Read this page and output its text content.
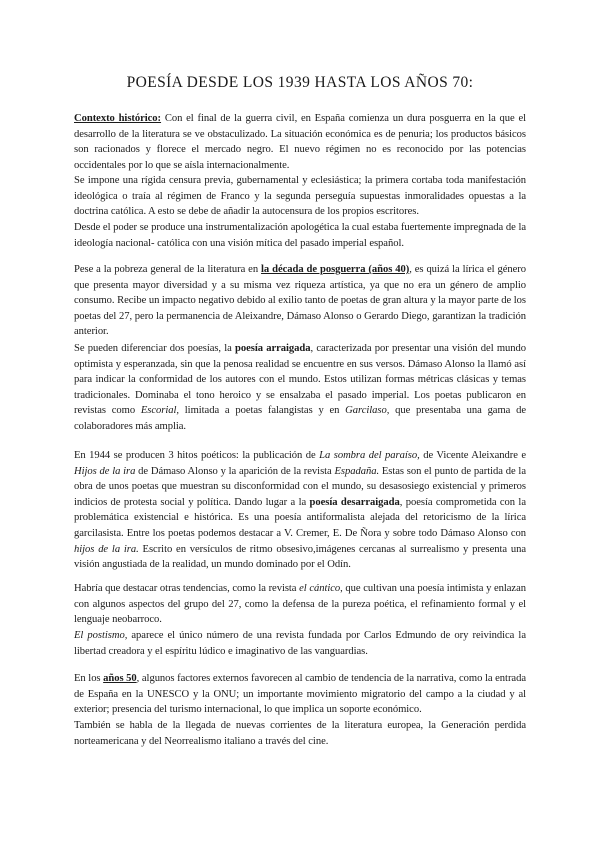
POESÍA DESDE LOS 1939 HASTA LOS AÑOS 70:

Contexto histórico: Con el final de la guerra civil, en España comienza un dura posguerra en la que el desarrollo de la literatura se ve obstaculizado. La situación económica es de penuria; los productos básicos son racionados y florece el mercado negro. El nuevo régimen no es reconocido por las potencias occidentales por lo que se aísla internacionalmente.

Se impone una rígida censura previa, gubernamental y eclesiástica; la primera cortaba toda manifestación ideológica o traía al régimen de Franco y la segunda perseguía supuestas inmoralidades opuestas a la doctrina católica. A esto se debe de añadir la autocensura de los propios escritores.

Desde el poder se produce una instrumentalización apologética la cual estaba fuertemente impregnada de la ideología nacional- católica con una visión mítica del pasado imperial español.

Pese a la pobreza general de la literatura en la década de posguerra (años 40), es quizá la lírica el género que presenta mayor diversidad y a su misma vez riqueza artística, ya que no era un género de amplio consumo. Recibe un impacto negativo debido al exilio tanto de poetas de gran altura y la mayor parte de los poetas del 27, pero la permanencia de Aleixandre, Dámaso Alonso o Gerardo Diego, garantizan la tradición anterior.

Se pueden diferenciar dos poesías, la poesía arraigada, caracterizada por presentar una visión del mundo optimista y esperanzada, sin que la penosa realidad se encuentre en sus versos. Dámaso Alonso la llamó así para indicar la conformidad de los autores con el mundo. Estos utilizan formas métricas clásicas y temas tradicionales. Dominaba el tono heroico y se ensalzaba el pasado imperial. Los poetas publicaron en revistas como Escorial, limitada a poetas falangistas y en Garcilaso, que presentaba una gama de colaboradores más amplia.

En 1944 se producen 3 hitos poéticos: la publicación de La sombra del paraíso, de Vicente Aleixandre e Hijos de la ira de Dámaso Alonso y la aparición de la revista Espadaña. Estas son el punto de partida de la obra de unos poetas que muestran su disconformidad con el mundo, su desasosiego existencial y primeros indicios de protesta social y política. Dando lugar a la poesía desarraigada, poesía comprometida con la problemática existencial e histórica. Es una poesía antiformalista alejada del retoricismo de la lírica garcilasista. Entre los poetas podemos destacar a V. Cremer, E. De Ñora y sobre todo Dámaso Alonso con hijos de la ira. Escrito en versículos de ritmo obsesivo,imágenes cercanas al surrealismo y presenta una visión angustiada de la realidad, un mundo dominado por el Odín.

Habría que destacar otras tendencias, como la revista el cántico, que cultivan una poesía intimista y enlazan con algunos aspectos del grupo del 27, como la defensa de la pureza poética, el refinamiento formal y el lenguaje neobarroco.

El postismo, aparece el único número de una revista fundada por Carlos Edmundo de ory reivindica la libertad creadora y el espíritu lúdico e imaginativo de las vanguardias.

En los años 50, algunos factores externos favorecen al cambio de tendencia de la narrativa, como la entrada de España en la UNESCO y la ONU; un importante movimiento migratorio del campo a la ciudad y al exterior; presencia del turismo internacional, lo que implica un soporte económico.

También se habla de la llegada de nuevas corrientes de la literatura europea, la Generación perdida norteamericana y del Neorrealismo italiano a través del cine.
